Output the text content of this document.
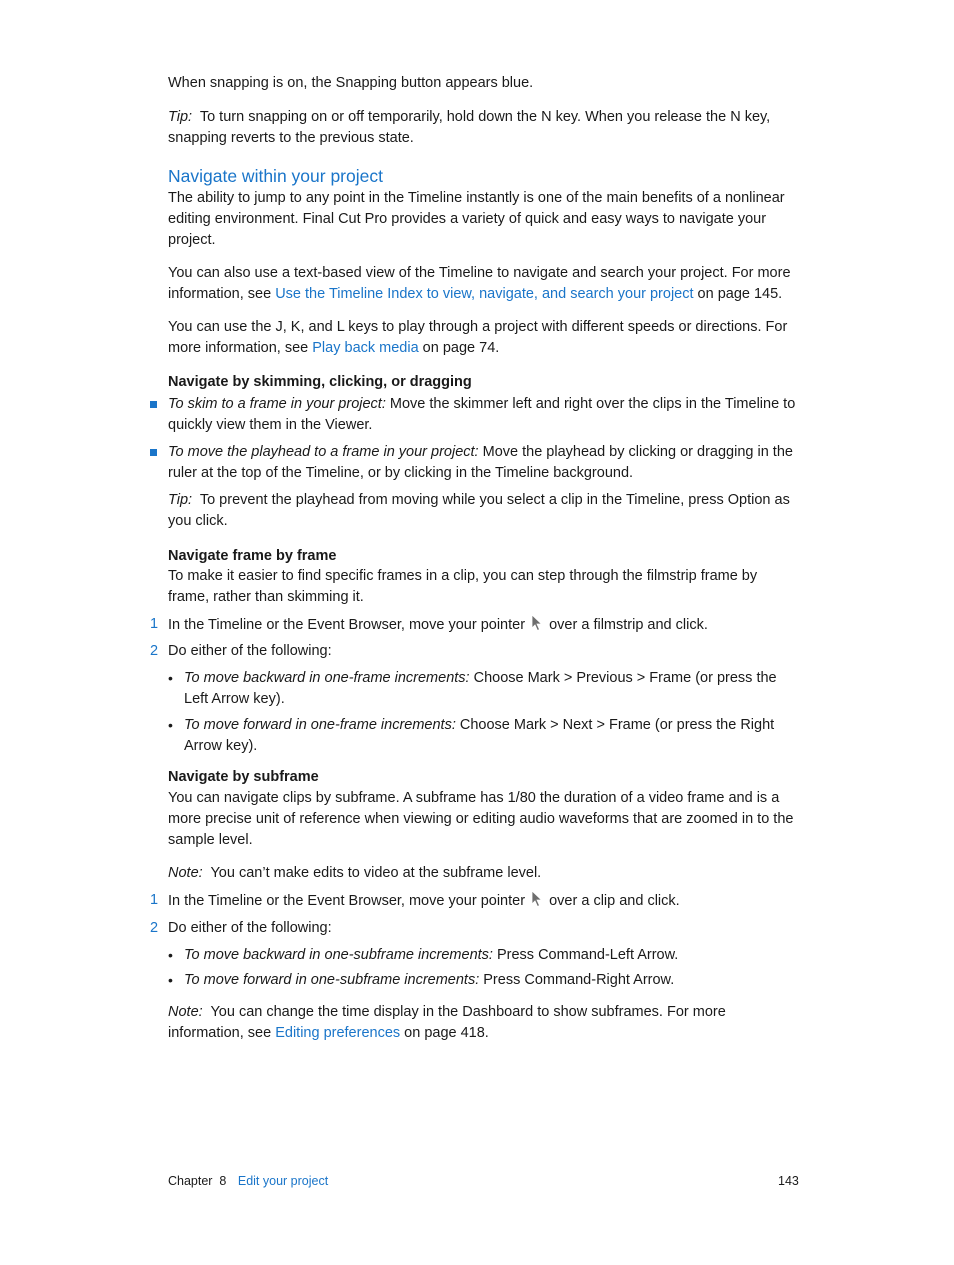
When snapping is on, the Snapping button appears blue.
Tip: To turn snapping on or off temporarily, hold down the N key. When you release the N key, snapping reverts to the previous state.
Navigate within your project
The ability to jump to any point in the Timeline instantly is one of the main benefits of a nonlinear editing environment. Final Cut Pro provides a variety of quick and easy ways to navigate your project.
You can also use a text-based view of the Timeline to navigate and search your project. For more information, see Use the Timeline Index to view, navigate, and search your project on page 145.
You can use the J, K, and L keys to play through a project with different speeds or directions. For more information, see Play back media on page 74.
Navigate by skimming, clicking, or dragging
To skim to a frame in your project: Move the skimmer left and right over the clips in the Timeline to quickly view them in the Viewer.
To move the playhead to a frame in your project: Move the playhead by clicking or dragging in the ruler at the top of the Timeline, or by clicking in the Timeline background.
Tip: To prevent the playhead from moving while you select a clip in the Timeline, press Option as you click.
Navigate frame by frame
To make it easier to find specific frames in a clip, you can step through the filmstrip frame by frame, rather than skimming it.
1 In the Timeline or the Event Browser, move your pointer over a filmstrip and click.
2 Do either of the following:
• To move backward in one-frame increments: Choose Mark > Previous > Frame (or press the Left Arrow key).
• To move forward in one-frame increments: Choose Mark > Next > Frame (or press the Right Arrow key).
Navigate by subframe
You can navigate clips by subframe. A subframe has 1/80 the duration of a video frame and is a more precise unit of reference when viewing or editing audio waveforms that are zoomed in to the sample level.
Note: You can’t make edits to video at the subframe level.
1 In the Timeline or the Event Browser, move your pointer over a clip and click.
2 Do either of the following:
• To move backward in one-subframe increments: Press Command-Left Arrow.
• To move forward in one-subframe increments: Press Command-Right Arrow.
Note: You can change the time display in the Dashboard to show subframes. For more information, see Editing preferences on page 418.
Chapter  8 Edit your project	143
